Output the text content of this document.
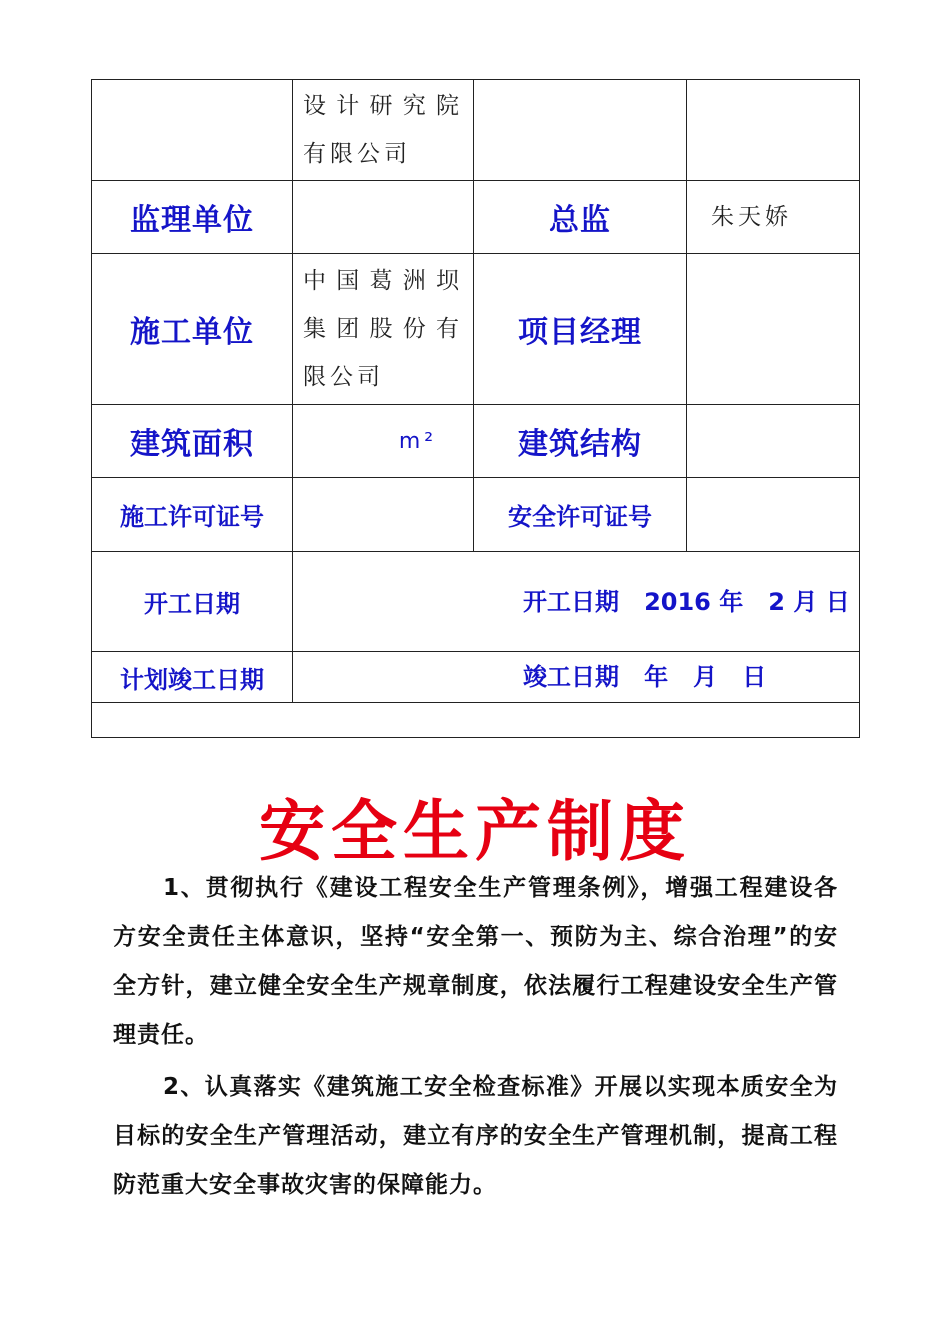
	设计研究院有限公司		
监理单位		总监	朱天娇
施工单位	中国葛洲坝集团股份有限公司	项目经理	
建筑面积	m²	建筑结构	
施工许可证号		安全许可证号	
开工日期	开工日期   2016 年   2 月 日		
计划竣工日期	竣工日期   年   月   日		

安全生产制度
1、贯彻执行《建设工程安全生产管理条例》，增强工程建设各方安全责任主体意识，坚持“安全第一、预防为主、综合治理”的安全方针，建立健全安全生产规章制度，依法履行工程建设安全生产管理责任。
2、认真落实《建筑施工安全检查标准》开展以实现本质安全为目标的安全生产管理活动，建立有序的安全生产管理机制，提高工程防范重大安全事故灾害的保障能力。
